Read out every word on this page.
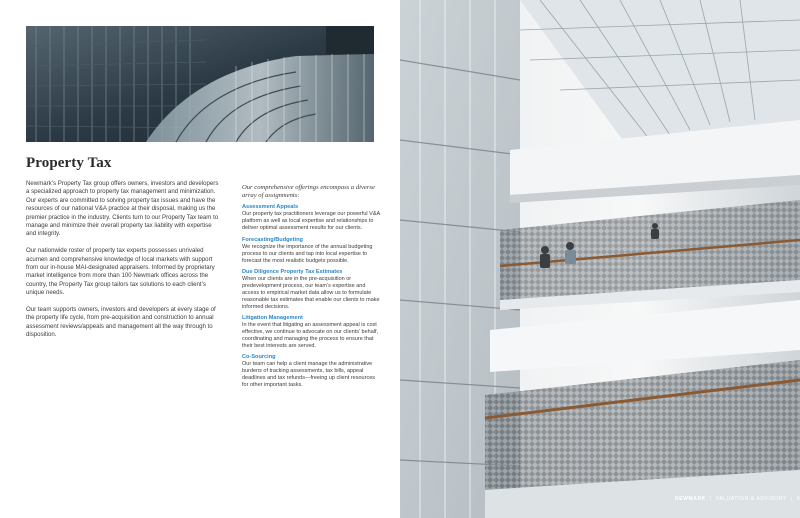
Property Tax

Newmark’s Property Tax group offers owners, investors and developers a specialized approach to property tax management and minimization. Our experts are committed to solving property tax issues and have the resources of our national V&A practice at their disposal, making us the premier practice in the industry. Clients turn to our Property Tax team to manage and minimize their overall property tax liability with expertise and integrity.

Our nationwide roster of property tax experts possesses unrivaled acumen and comprehensive knowledge of local markets with support from our in-house MAI-designated appraisers. Informed by proprietary market intelligence from more than 100 Newmark offices across the country, the Property Tax group tailors tax solutions to each client’s unique needs.

Our team supports owners, investors and developers at every stage of the property life cycle, from pre-acquisition and construction to annual assessment reviews/appeals and management all the way through to disposition.

Our comprehensive offerings encompass a diverse array of assignments:

Assessment Appeals
Our property tax practitioners leverage our powerful V&A platform as well as local expertise and relationships to deliver optimal assessment results for our clients.
Forecasting/Budgeting
We recognize the importance of the annual budgeting process to our clients and tap into local expertise to forecast the most realistic budgets possible.
Due Diligence Property Tax Estimates
When our clients are in the pre-acquisition or predevelopment process, our team’s expertise and access to empirical market data allow us to formulate reasonable tax estimates that enable our clients to make informed decisions.
Litigation Management
In the event that litigating an assessment appeal is cost effective, we continue to advocate on our clients’ behalf, coordinating and managing the process to ensure that their best interests are served.
Co-Sourcing
Our team can help a client manage the administrative burdens of tracking assessments, tax bills, appeal deadlines and tax refunds—freeing up client resources for other important tasks.
NEWMARK | VALUATION & ADVISORY | 9
